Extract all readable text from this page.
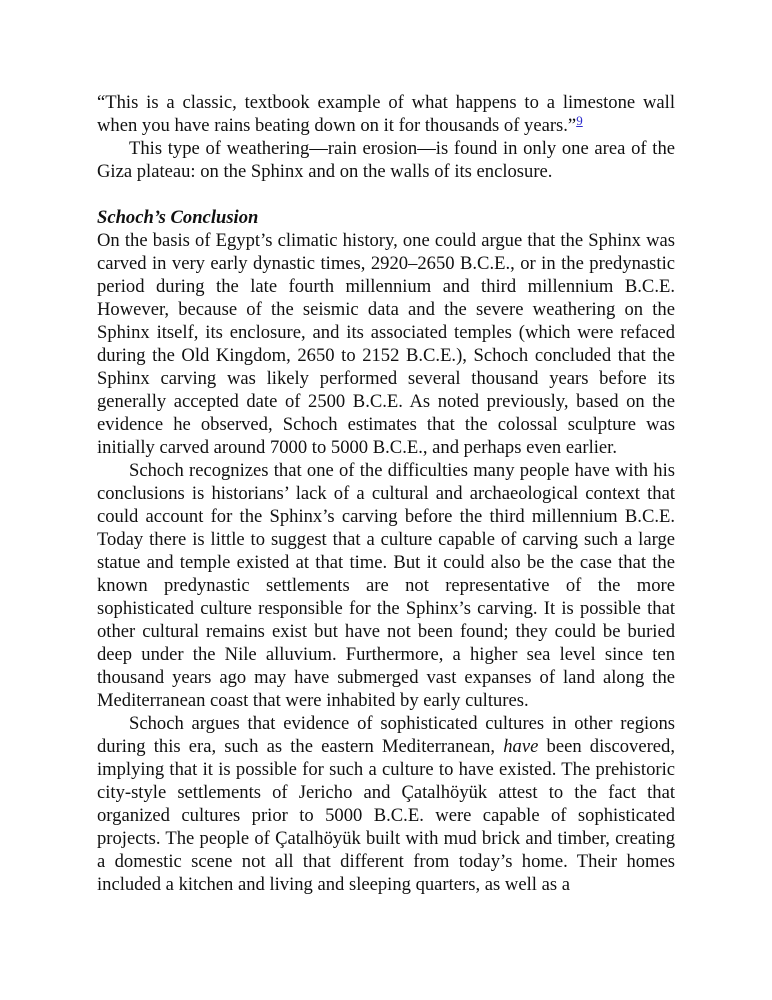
“This is a classic, textbook example of what happens to a limestone wall when you have rains beating down on it for thousands of years.”$^9$

This type of weathering—rain erosion—is found in only one area of the Giza plateau: on the Sphinx and on the walls of its enclosure.

Schoch’s Conclusion

On the basis of Egypt’s climatic history, one could argue that the Sphinx was carved in very early dynastic times, 2920–2650 B.C.E., or in the predynastic period during the late fourth millennium and third millennium B.C.E. However, because of the seismic data and the severe weathering on the Sphinx itself, its enclosure, and its associated temples (which were refaced during the Old Kingdom, 2650 to 2152 B.C.E.), Schoch concluded that the Sphinx carving was likely performed several thousand years before its generally accepted date of 2500 B.C.E. As noted previously, based on the evidence he observed, Schoch estimates that the colossal sculpture was initially carved around 7000 to 5000 B.C.E., and perhaps even earlier.

Schoch recognizes that one of the difficulties many people have with his conclusions is historians’ lack of a cultural and archaeological context that could account for the Sphinx’s carving before the third millennium B.C.E. Today there is little to suggest that a culture capable of carving such a large statue and temple existed at that time. But it could also be the case that the known predynastic settlements are not representative of the more sophisticated culture responsible for the Sphinx’s carving. It is possible that other cultural remains exist but have not been found; they could be buried deep under the Nile alluvium. Furthermore, a higher sea level since ten thousand years ago may have submerged vast expanses of land along the Mediterranean coast that were inhabited by early cultures.

Schoch argues that evidence of sophisticated cultures in other regions during this era, such as the eastern Mediterranean, have been discovered, implying that it is possible for such a culture to have existed. The prehistoric city-style settlements of Jericho and Çatalhöyük attest to the fact that organized cultures prior to 5000 B.C.E. were capable of sophisticated projects. The people of Çatalhöyük built with mud brick and timber, creating a domestic scene not all that different from today’s home. Their homes included a kitchen and living and sleeping quarters, as well as a
